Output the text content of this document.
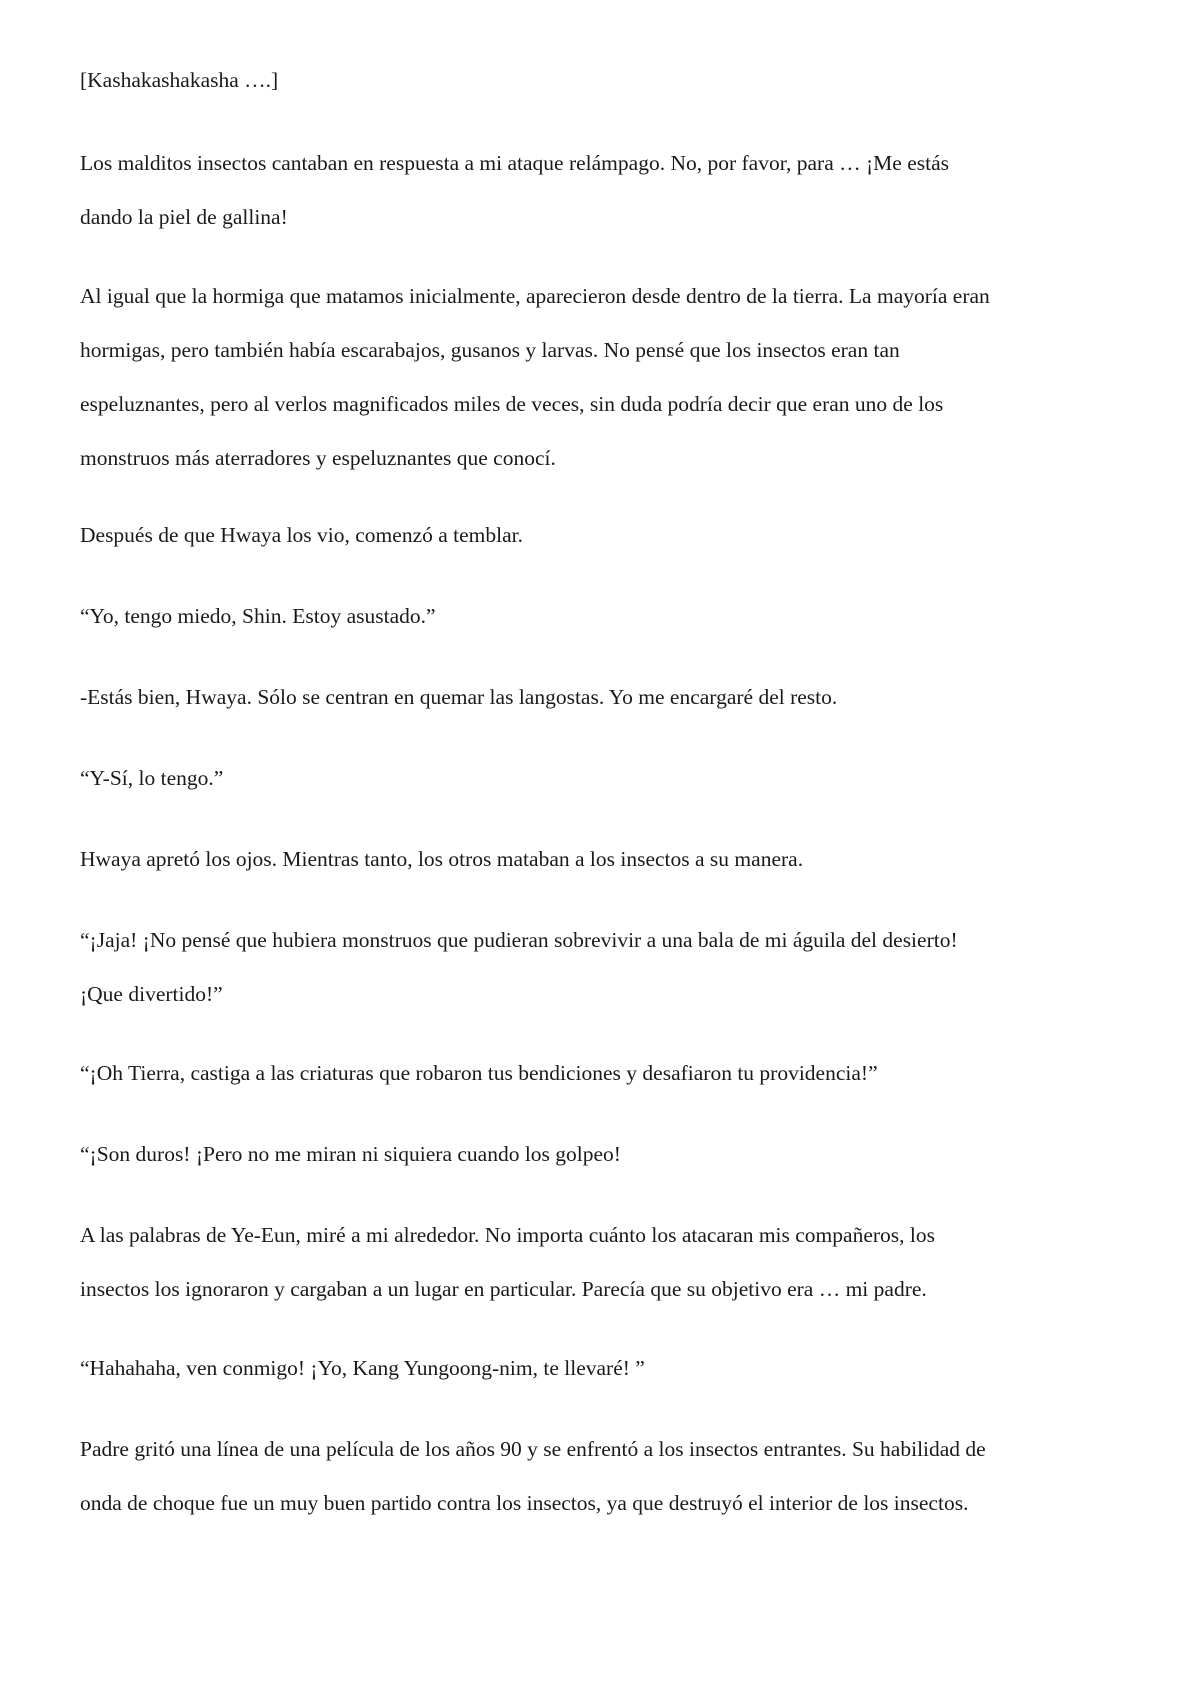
[Kashakashakasha ….]

Los malditos insectos cantaban en respuesta a mi ataque relámpago. No, por favor, para … ¡Me estás
dando la piel de gallina!

Al igual que la hormiga que matamos inicialmente, aparecieron desde dentro de la tierra. La mayoría eran
hormigas, pero también había escarabajos, gusanos y larvas. No pensé que los insectos eran tan
espeluznantes, pero al verlos magnificados miles de veces, sin duda podría decir que eran uno de los
monstruos más aterradores y espeluznantes que conocí.

Después de que Hwaya los vio, comenzó a temblar.

“Yo, tengo miedo, Shin. Estoy asustado.”

-Estás bien, Hwaya. Sólo se centran en quemar las langostas. Yo me encargaré del resto.

“Y-Sí, lo tengo.”

Hwaya apretó los ojos. Mientras tanto, los otros mataban a los insectos a su manera.

“¡Jaja! ¡No pensé que hubiera monstruos que pudieran sobrevivir a una bala de mi águila del desierto!
¡Que divertido!”

“¡Oh Tierra, castiga a las criaturas que robaron tus bendiciones y desafiaron tu providencia!”

“¡Son duros! ¡Pero no me miran ni siquiera cuando los golpeo!

A las palabras de Ye-Eun, miré a mi alrededor. No importa cuánto los atacaran mis compañeros, los
insectos los ignoraron y cargaban a un lugar en particular. Parecía que su objetivo era … mi padre.

“Hahahaha, ven conmigo! ¡Yo, Kang Yungoong-nim, te llevaré! ”

Padre gritó una línea de una película de los años 90 y se enfrentó a los insectos entrantes. Su habilidad de
onda de choque fue un muy buen partido contra los insectos, ya que destruyó el interior de los insectos.
